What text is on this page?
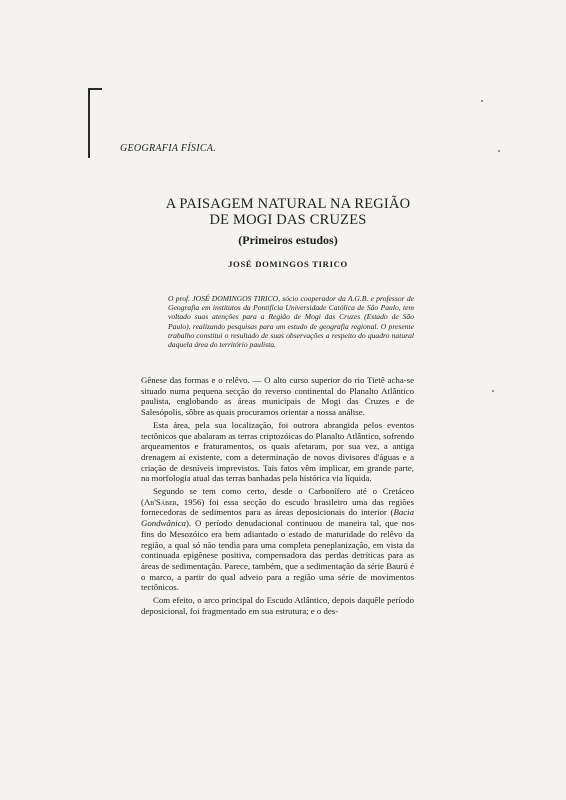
GEOGRAFIA FÍSICA.
A PAISAGEM NATURAL NA REGIÃO
DE MOGI DAS CRUZES
(Primeiros estudos)
JOSÉ DOMINGOS TIRICO
O prof. JOSÉ DOMINGOS TIRICO, sócio cooperador da A.G.B. e professor de Geografia em institutos da Pontifícia Universidade Católica de São Paulo, tem voltado suas atenções para a Região de Mogi das Cruzes (Estado de São Paulo), realizando pesquisas para um estudo de geografia regional. O presente trabalho constitui o resultado de suas observações a respeito do quadro natural daquela área do território paulista.

Gênese das formas e o relêvo. — O alto curso superior do rio Tietê acha-se situado numa pequena secção do reverso continental do Planalto Atlântico paulista, englobando as áreas municipais de Mogi das Cruzes e de Salesópolis, sôbre as quais procuramos orientar a nossa análise.

Esta área, pela sua localização, foi outrora abrangida pelos eventos tectônicos que abalaram as terras criptozóicas do Planalto Atlântico, sofrendo arqueamentos e fraturamentos, os quais afetaram, por sua vez, a antiga drenagem aí existente, com a determinação de novos divisores d'águas e a criação de desníveis imprevistos. Tais fatos vêm implicar, em grande parte, na morfologia atual das terras banhadas pela histórica via líquida.

Segundo se tem como certo, desde o Carbonífero até o Cretáceo (Ab'Sáber, 1956) foi essa secção do escudo brasileiro uma das regiões fornecedoras de sedimentos para as áreas deposicionais do interior (Bacia Gondwânica). O período denudacional continuou de maneira tal, que nos fins do Mesozóico era bem adiantado o estado de maturidade do relêvo da região, a qual só não tendia para uma completa peneplanização, em vista da continuada epigênese positiva, compensadora das perdas detríticas para as áreas de sedimentação. Parece, também, que a sedimentação da série Baurú é o marco, a partir do qual adveio para a região uma série de movimentos tectônicos.

Com efeito, o arco principal do Escudo Atlântico, depois daquêle período deposicional, foi fragmentado em sua estrutura; e o des-
